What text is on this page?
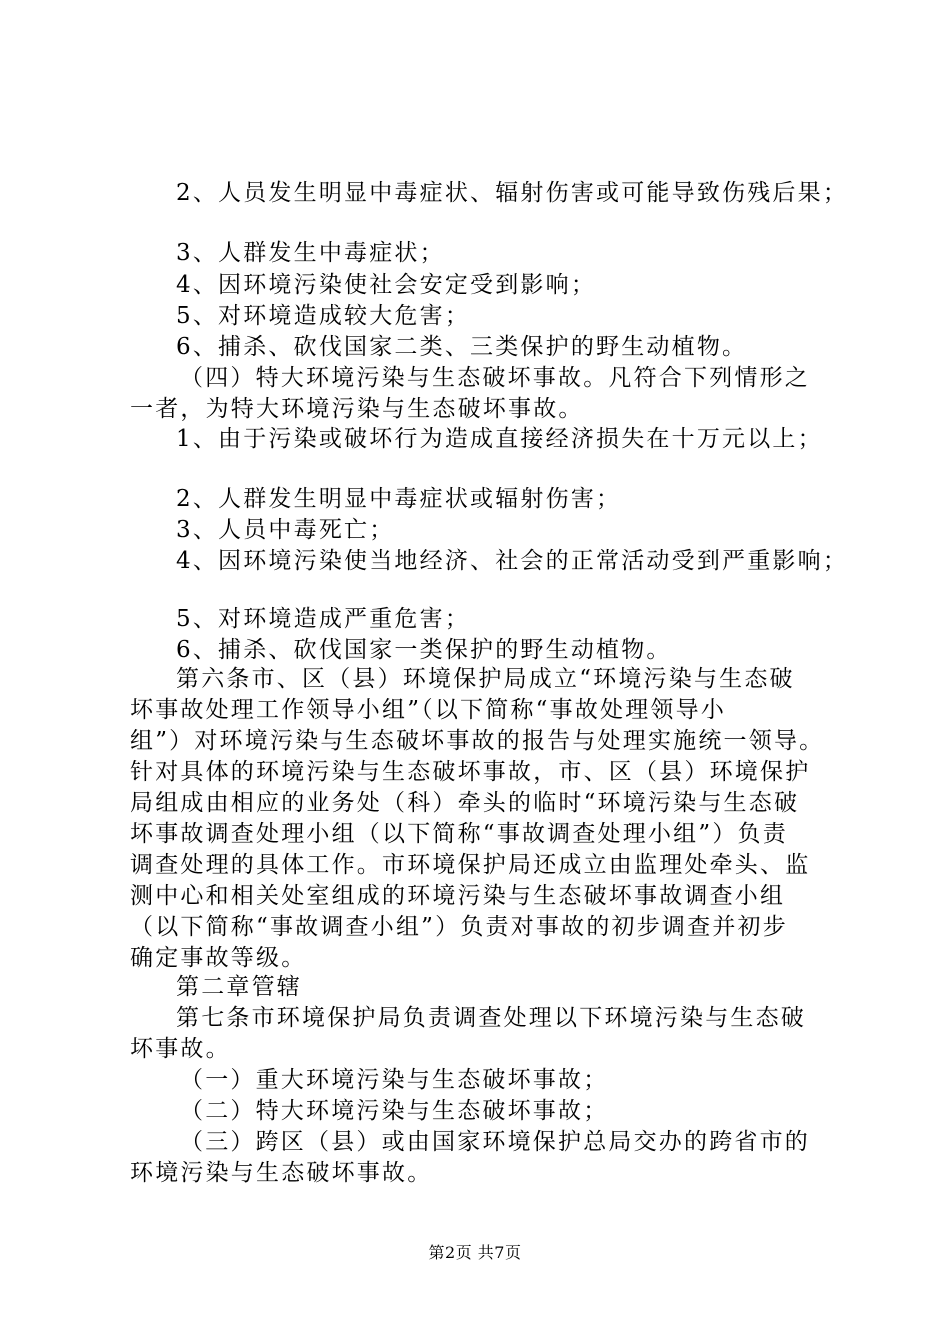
2、人员发生明显中毒症状、辐射伤害或可能导致伤残后果；
3、人群发生中毒症状；
4、因环境污染使社会安定受到影响；
5、对环境造成较大危害；
6、捕杀、砍伐国家二类、三类保护的野生动植物。
（四）特大环境污染与生态破坏事故。凡符合下列情形之
一者，为特大环境污染与生态破坏事故。
1、由于污染或破坏行为造成直接经济损失在十万元以上；
2、人群发生明显中毒症状或辐射伤害；
3、人员中毒死亡；
4、因环境污染使当地经济、社会的正常活动受到严重影响；
5、对环境造成严重危害；
6、捕杀、砍伐国家一类保护的野生动植物。
第六条市、区（县）环境保护局成立“环境污染与生态破
坏事故处理工作领导小组”（以下简称“事故处理领导小
组”）对环境污染与生态破坏事故的报告与处理实施统一领导。
针对具体的环境污染与生态破坏事故，市、区（县）环境保护
局组成由相应的业务处（科）牵头的临时“环境污染与生态破
坏事故调查处理小组（以下简称“事故调查处理小组”）负责
调查处理的具体工作。市环境保护局还成立由监理处牵头、监
测中心和相关处室组成的环境污染与生态破坏事故调查小组
（以下简称“事故调查小组”）负责对事故的初步调查并初步
确定事故等级。
第二章管辖
第七条市环境保护局负责调查处理以下环境污染与生态破
坏事故。
（一）重大环境污染与生态破坏事故；
（二）特大环境污染与生态破坏事故；
（三）跨区（县）或由国家环境保护总局交办的跨省市的
环境污染与生态破坏事故。
第2页 共7页
